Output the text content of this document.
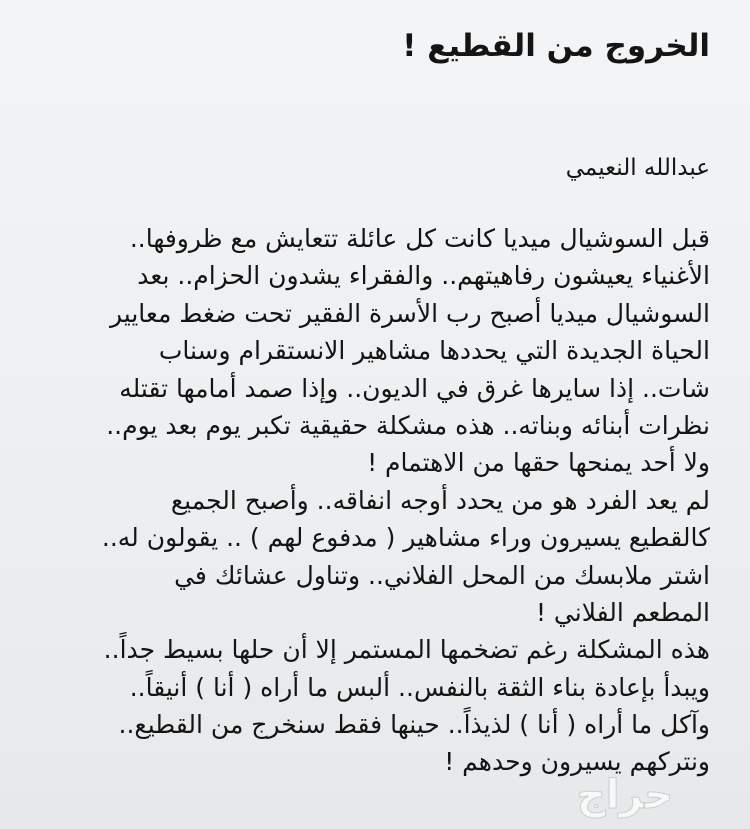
الخروج من القطيع !
عبدالله النعيمي
قبل السوشيال ميديا كانت كل عائلة تتعايش مع ظروفها..
الأغنياء يعيشون رفاهيتهم.. والفقراء يشدون الحزام.. بعد
السوشيال ميديا أصبح رب الأسرة الفقير تحت ضغط معايير
الحياة الجديدة التي يحددها مشاهير الانستقرام وسناب
شات.. إذا سايرها غرق في الديون.. وإذا صمد أمامها تقتله
نظرات أبنائه وبناته.. هذه مشكلة حقيقية تكبر يوم بعد يوم..
ولا أحد يمنحها حقها من الاهتمام !
لم يعد الفرد هو من يحدد أوجه انفاقه.. وأصبح الجميع
كالقطيع يسيرون وراء مشاهير ( مدفوع لهم ) .. يقولون له..
اشتر ملابسك من المحل الفلاني.. وتناول عشائك في
المطعم الفلاني !
هذه المشكلة رغم تضخمها المستمر إلا أن حلها بسيط جداً..
ويبدأ بإعادة بناء الثقة بالنفس.. ألبس ما أراه ( أنا ) أنيقاً..
وآكل ما أراه ( أنا ) لذيذاً.. حينها فقط سنخرج من القطيع..
ونتركهم يسيرون وحدهم !
حراج
